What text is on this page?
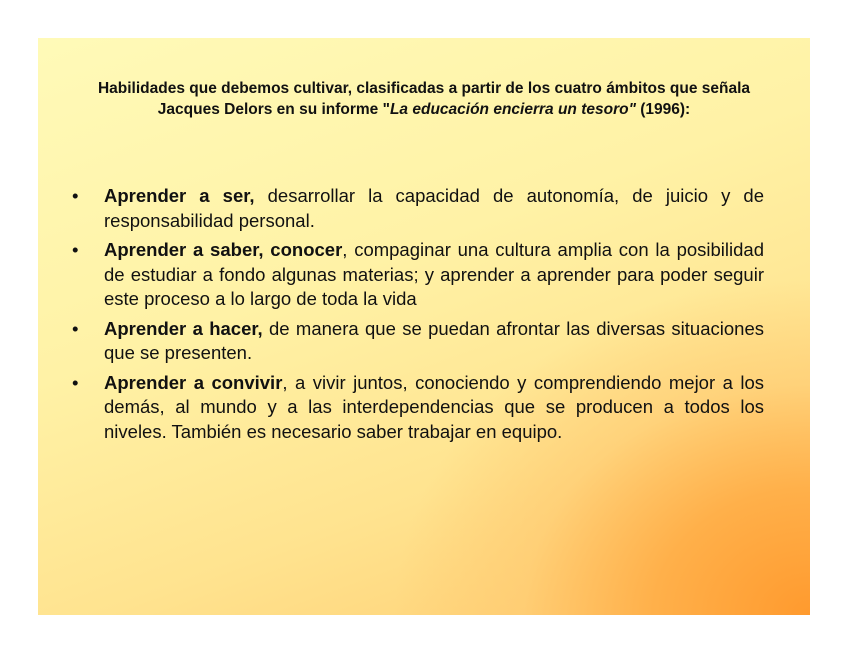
Habilidades que debemos cultivar, clasificadas a partir de los cuatro ámbitos que señala Jacques Delors en su informe "La educación encierra un tesoro" (1996):

• Aprender a ser, desarrollar la capacidad de autonomía, de juicio y de responsabilidad personal.
• Aprender a saber, conocer, compaginar una cultura amplia con la posibilidad de estudiar a fondo algunas materias; y aprender a aprender para poder seguir este proceso a lo largo de toda la vida
• Aprender a hacer, de manera que se puedan afrontar las diversas situaciones que se presenten.
• Aprender a convivir, a vivir juntos, conociendo y comprendiendo mejor a los demás, al mundo y a las interdependencias que se producen a todos los niveles. También es necesario saber trabajar en equipo.
